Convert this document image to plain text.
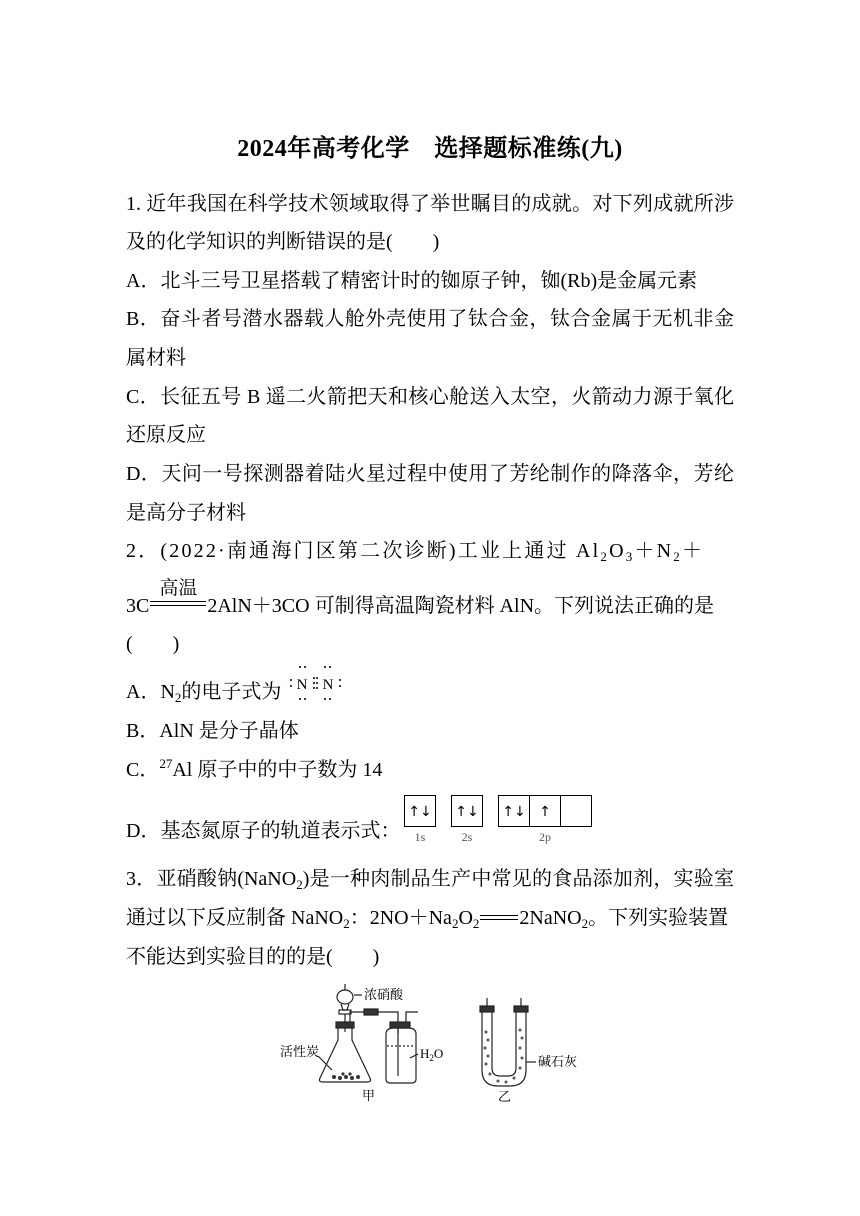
2024年高考化学　选择题标准练(九)
1. 近年我国在科学技术领域取得了举世瞩目的成就。对下列成就所涉
及的化学知识的判断错误的是(　　)
A．北斗三号卫星搭载了精密计时的铷原子钟，铷(Rb)是金属元素
B．奋斗者号潜水器载人舱外壳使用了钛合金，钛合金属于无机非金
属材料
C．长征五号 B 遥二火箭把天和核心舱送入太空，火箭动力源于氧化
还原反应
D．天问一号探测器着陆火星过程中使用了芳纶制作的降落伞，芳纶
是高分子材料
2．(2022·南通海门区第二次诊断)工业上通过 $Al_2O_3+N_2+$
3C
高温
2AlN＋3CO 可制得高温陶瓷材料 AlN。下列说法正确的是
(　　)
A．$N_2$的电子式为 N N
B．AlN 是分子晶体
C．$^{27}$Al 原子中的中子数为 14
D．基态氮原子的轨道表示式：
↑↓ ↑↓ ↑↓ ↑
1s	2s	2p
3．亚硝酸钠(NaNO$_2$)是一种肉制品生产中常见的食品添加剂，实验室
通过以下反应制备 NaNO$_2$：$2NO+Na_2O_2$ 2NaNO$_2$。下列实验装置
不能达到实验目的的是(　　)
浓硝酸
活性炭	$H_2O$
碱石灰
甲	乙
